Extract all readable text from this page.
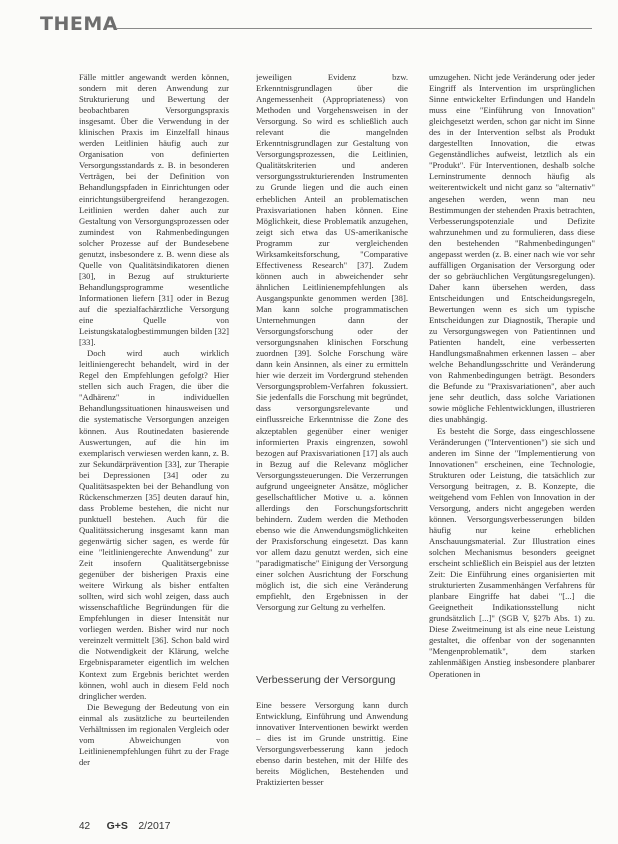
THEMA

Fälle mittler angewandt werden können, sondern mit deren Anwendung zur Strukturierung und Bewertung der beobachtbaren Versorgungspraxis insgesamt. Über die Verwendung in der klinischen Praxis im Einzelfall hinaus werden Leitlinien häufig auch zur Organisation von definierten Versorgungsstandards z. B. in besonderen Verträgen, bei der Definition von Behandlungspfaden in Einrichtungen oder einrichtungsübergreifend herangezogen. Leitlinien werden daher auch zur Gestaltung von Versorgungsprozessen oder zumindest von Rahmenbedingungen solcher Prozesse auf der Bundesebene genutzt, insbesondere z. B. wenn diese als Quelle von Qualitätsindikatoren dienen [30], in Bezug auf strukturierte Behandlungsprogramme wesentliche Informationen liefern [31] oder in Bezug auf die spezialfachärztliche Versorgung eine Quelle von Leistungskatalogbestimmungen bilden [32] [33].

Doch wird auch wirklich leitliniengerecht behandelt, wird in der Regel den Empfehlungen gefolgt? Hier stellen sich auch Fragen, die über die "Adhärenz" in individuellen Behandlungssituationen hinausweisen und die systematische Versorgungen anzeigen können. Aus Routinedaten basierende Auswertungen, auf die hin im exemplarisch verwiesen werden kann, z. B. zur Sekundärprävention [33], zur Therapie bei Depressionen [34] oder zu Qualitätsaspekten bei der Behandlung von Rückenschmerzen [35] deuten darauf hin, dass Probleme bestehen, die nicht nur punktuell bestehen. Auch für die Qualitätssicherung insgesamt kann man gegenwärtig sicher sagen, es werde für eine "leitliniengerechte Anwendung" zur Zeit insofern Qualitätsergebnisse gegenüber der bisherigen Praxis eine weitere Wirkung als bisher entfalten sollten, wird sich wohl zeigen, dass auch wissenschaftliche Begründungen für die Empfehlungen in dieser Intensität nur vorliegen werden. Bisher wird nur noch vereinzelt vermittelt [36]. Schon bald wird die Notwendigkeit der Klärung, welche Ergebnisparameter eigentlich im welchen Kontext zum Ergebnis berichtet werden können, wohl auch in diesem Feld noch dringlicher werden.

Die Bewegung der Bedeutung von ein einmal als zusätzliche zu beurteilenden Verhältnissen im regionalen Vergleich oder vom Abweichungen von Leitlinienempfehlungen führt zu der Frage der

jeweiligen Evidenz bzw. Erkenntnisgrundlagen über die Angemessenheit (Appropriateness) von Methoden und Vorgehensweisen in der Versorgung. So wird es schließlich auch relevant die mangelnden Erkenntnisgrundlagen zur Gestaltung von Versorgungsprozessen, die Leitlinien, Qualitätskriterien und anderen versorgungsstrukturierenden Instrumenten zu Grunde liegen und die auch einen erheblichen Anteil an problematischen Praxisvariationen haben können. Eine Möglichkeit, diese Problematik anzugehen, zeigt sich etwa das US-amerikanische Programm zur vergleichenden Wirksamkeitsforschung, "Comparative Effectiveness Research" [37]. Zudem können auch in abweichender sehr ähnlichen Leitlinienempfehlungen als Ausgangspunkte genommen werden [38]. Man kann solche programmatischen Unternehmungen dann der Versorgungsforschung oder der versorgungsnahen klinischen Forschung zuordnen [39]. Solche Forschung wäre dann kein Ansinnen, als einer zu ermitteln hier wie derzeit im Vordergrund stehenden Versorgungsproblem-Verfahren fokussiert. Sie jedenfalls die Forschung mit begründet, dass versorgungsrelevante und einflussreiche Erkenntnisse die Zone des akzeptablen gegenüber einer weniger informierten Praxis eingrenzen, sowohl bezogen auf Praxisvariationen [17] als auch in Bezug auf die Relevanz möglicher Versorgungssteuerungen. Die Verzerrungen aufgrund ungeeigneter Ansätze, möglicher gesellschaftlicher Motive u. a. können allerdings den Forschungsfortschritt behindern. Zudem werden die Methoden ebenso wie die Anwendungsmöglichkeiten der Praxisforschung eingesetzt. Das kann vor allem dazu genutzt werden, sich eine "paradigmatische" Einigung der Versorgung einer solchen Ausrichtung der Forschung möglich ist, die sich eine Veränderung empfiehlt, den Ergebnissen in der Versorgung zur Geltung zu verhelfen.

Verbesserung der Versorgung

Eine bessere Versorgung kann durch Entwicklung, Einführung und Anwendung innovativer Interventionen bewirkt werden – dies ist im Grunde unstrittig. Eine Versorgungsverbesserung kann jedoch ebenso darin bestehen, mit der Hilfe des bereits Möglichen, Bestehenden und Praktizierten besser

umzugehen. Nicht jede Veränderung oder jeder Eingriff als Intervention im ursprünglichen Sinne entwickelter Erfindungen und Handeln muss eine "Einführung von Innovation" gleichgesetzt werden, schon gar nicht im Sinne des in der Intervention selbst als Produkt dargestellten Innovation, die etwas Gegenständliches aufweist, letztlich als ein "Produkt". Für Interventionen, deshalb solche Lerninstrumente dennoch häufig als weiterentwickelt und nicht ganz so "alternativ" angesehen werden, wenn man neu Bestimmungen der stehenden Praxis betrachten, Verbesserungspotenziale und Defizite wahrzunehmen und zu formulieren, dass diese den bestehenden "Rahmenbedingungen" angepasst werden (z. B. einer nach wie vor sehr auffälligen Organisation der Versorgung oder der so gebräuchlichen Vergütungsregelungen). Daher kann übersehen werden, dass Entscheidungen und Entscheidungsregeln, Bewertungen wenn es sich um typische Entscheidungen zur Diagnostik, Therapie und zu Versorgungswegen von Patientinnen und Patienten handelt, eine verbesserten Handlungsmaßnahmen erkennen lassen – aber welche Behandlungsschritte und Veränderung von Rahmenbedingungen beträgt. Besonders die Befunde zu "Praxisvariationen", aber auch jene sehr deutlich, dass solche Variationen sowie mögliche Fehlentwicklungen, illustrieren dies unabhängig.

Es besteht die Sorge, dass eingeschlossene Veränderungen ("Interventionen") sie sich und anderen im Sinne der "Implementierung von Innovationen" erscheinen, eine Technologie, Strukturen oder Leistung, die tatsächlich zur Versorgung beitragen, z. B. Konzepte, die weitgehend vom Fehlen von Innovation in der Versorgung, anders nicht angegeben werden können. Versorgungsverbesserungen bilden häufig nur keine erheblichen Anschauungsmaterial. Zur Illustration eines solchen Mechanismus besonders geeignet erscheint schließlich ein Beispiel aus der letzten Zeit: Die Einführung eines organisierten mit strukturierten Zusammenhängen Verfahrens für planbare Eingriffe hat dabei "[...] die Geeignetheit Indikationsstellung nicht grundsätzlich [...]" (SGB V, §27b Abs. 1) zu. Diese Zweitmeinung ist als eine neue Leistung gestaltet, die offenbar von der sogenannten "Mengenproblematik", dem starken zahlenmäßigen Anstieg insbesondere planbarer Operationen in

42 G+S 2/2017
